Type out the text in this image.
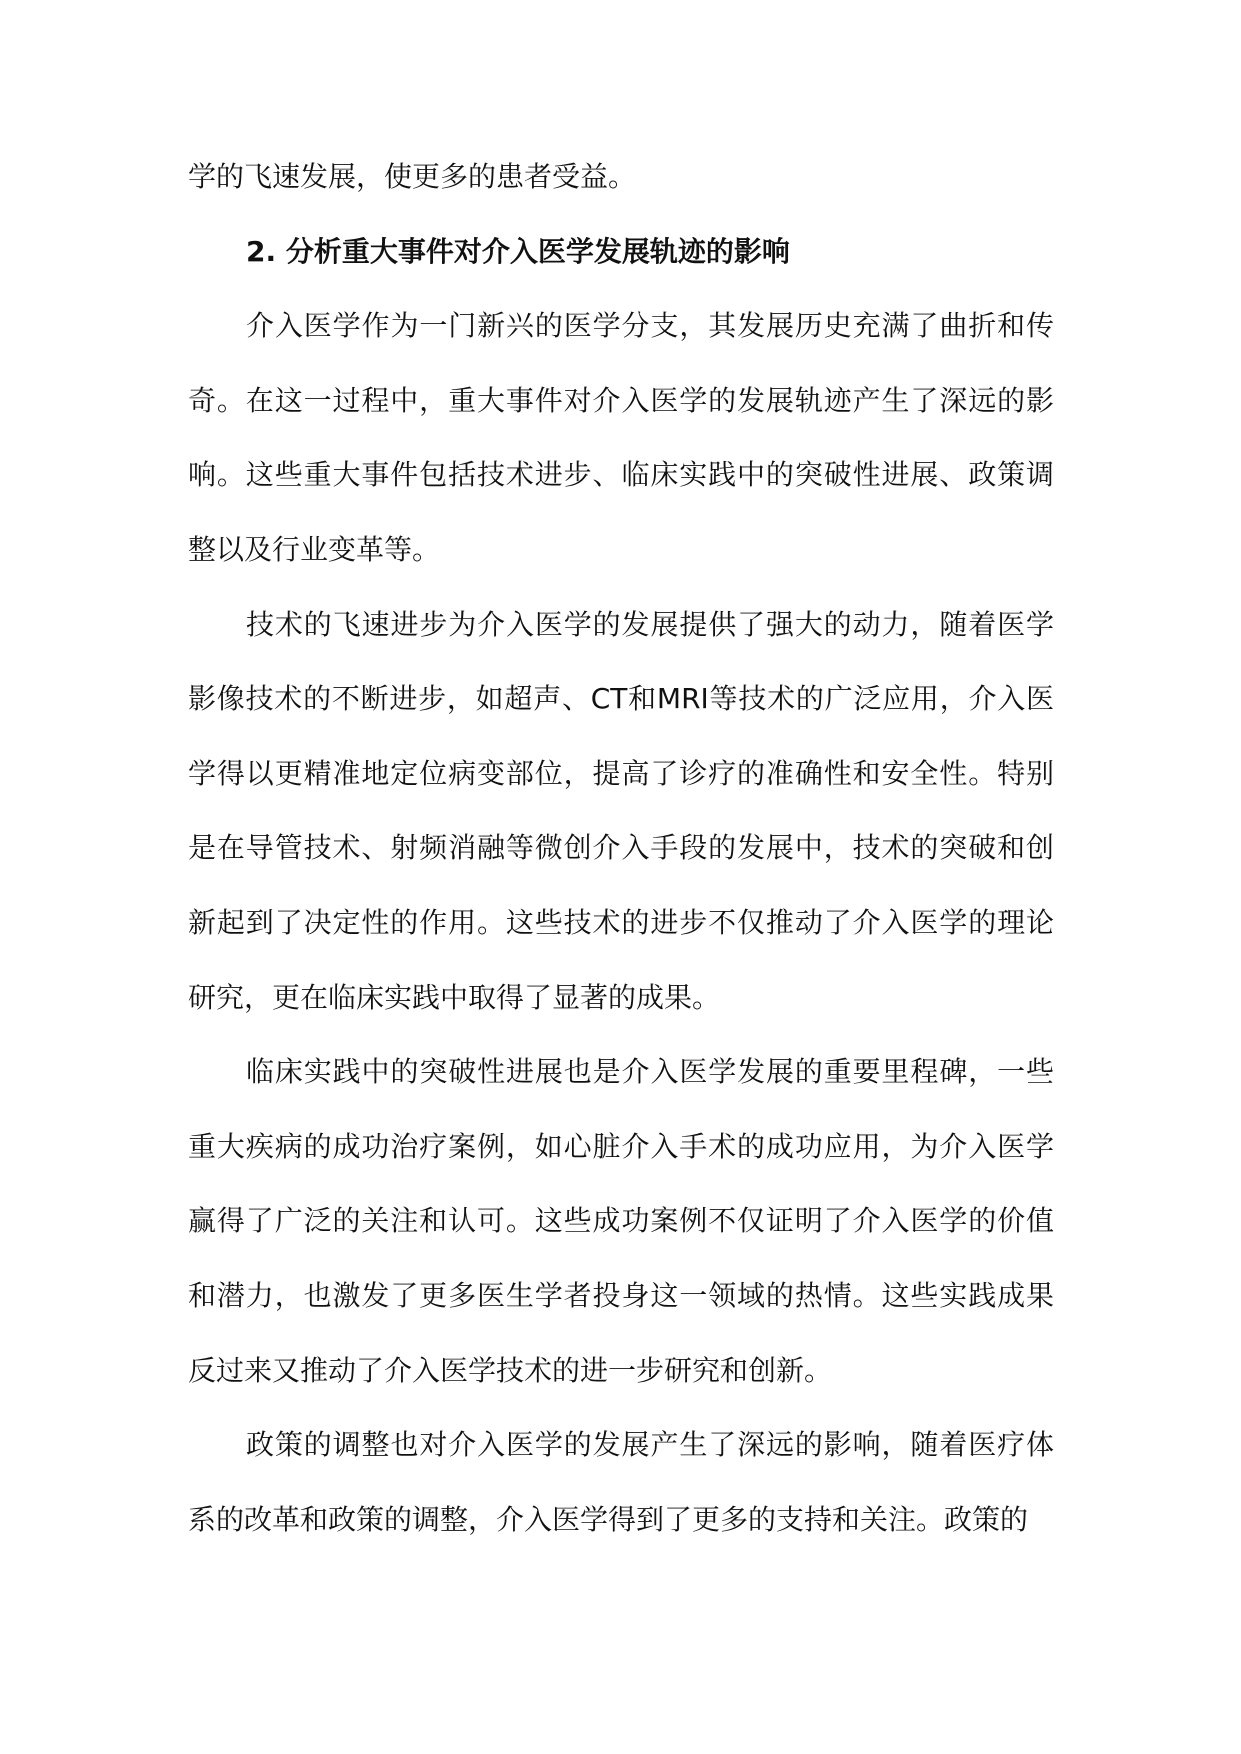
学的飞速发展，使更多的患者受益。

2. 分析重大事件对介入医学发展轨迹的影响

介入医学作为一门新兴的医学分支，其发展历史充满了曲折和传奇。在这一过程中，重大事件对介入医学的发展轨迹产生了深远的影响。这些重大事件包括技术进步、临床实践中的突破性进展、政策调整以及行业变革等。

技术的飞速进步为介入医学的发展提供了强大的动力，随着医学影像技术的不断进步，如超声、CT和MRI等技术的广泛应用，介入医学得以更精准地定位病变部位，提高了诊疗的准确性和安全性。特别是在导管技术、射频消融等微创介入手段的发展中，技术的突破和创新起到了决定性的作用。这些技术的进步不仅推动了介入医学的理论研究，更在临床实践中取得了显著的成果。

临床实践中的突破性进展也是介入医学发展的重要里程碑，一些重大疾病的成功治疗案例，如心脏介入手术的成功应用，为介入医学赢得了广泛的关注和认可。这些成功案例不仅证明了介入医学的价值和潜力，也激发了更多医生学者投身这一领域的热情。这些实践成果反过来又推动了介入医学技术的进一步研究和创新。

政策的调整也对介入医学的发展产生了深远的影响，随着医疗体系的改革和政策的调整，介入医学得到了更多的支持和关注。政策的
